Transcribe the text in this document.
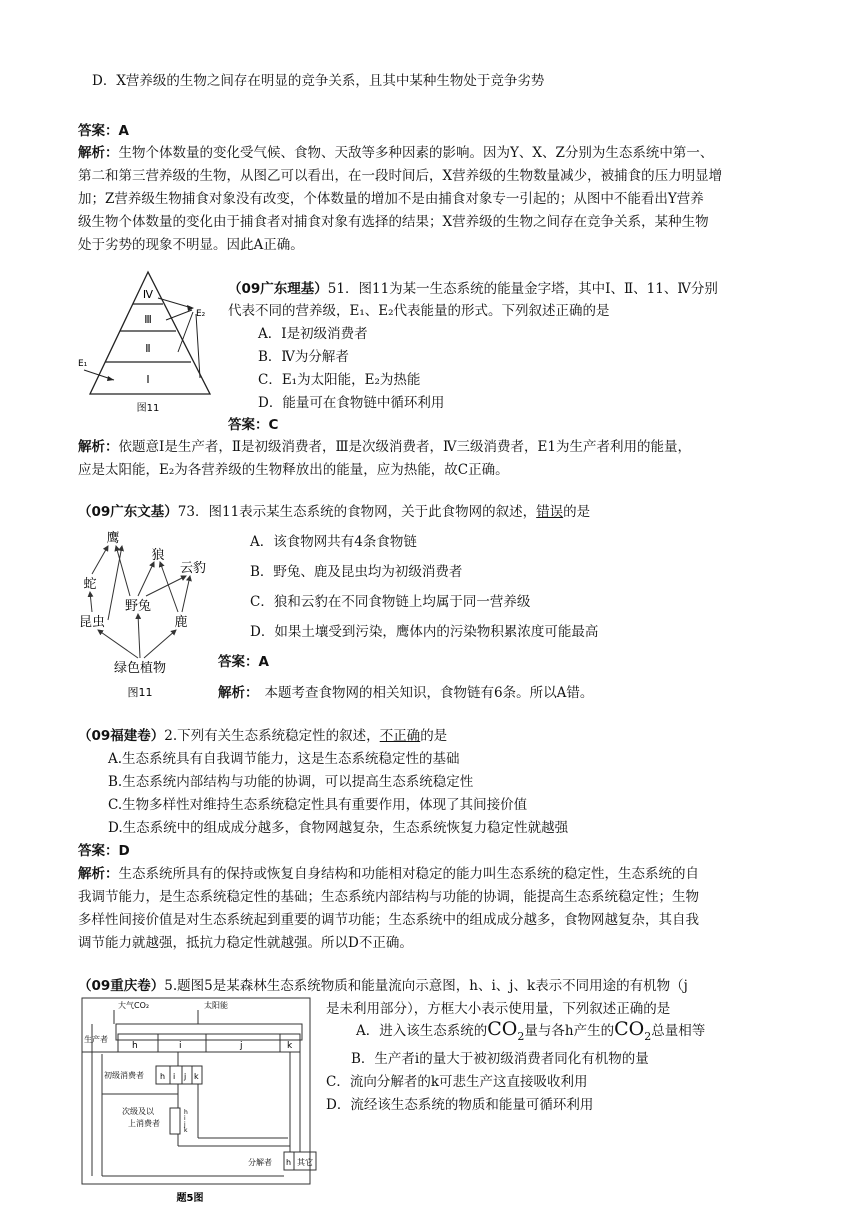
D．X营养级的生物之间存在明显的竞争关系，且其中某种生物处于竞争劣势
答案：A
解析：生物个体数量的变化受气候、食物、天敌等多种因素的影响。因为Y、X、Z分别为生态系统中第一、
第二和第三营养级的生物，从图乙可以看出，在一段时间后，X营养级的生物数量减少，被捕食的压力明显增
加；Z营养级生物捕食对象没有改变，个体数量的增加不是由捕食对象专一引起的；从图中不能看出Y营养
级生物个体数量的变化由于捕食者对捕食对象有选择的结果；X营养级的生物之间存在竞争关系，某种生物
处于劣势的现象不明显。因此A正确。
Ⅳ
Ⅲ
Ⅱ
Ⅰ
E₁
E₂
图11
（09广东理基）51．图11为某一生态系统的能量金字塔，其中Ⅰ、Ⅱ、11、Ⅳ分别
代表不同的营养级，E₁、E₂代表能量的形式。下列叙述正确的是
A．Ⅰ是初级消费者
B．Ⅳ为分解者
C．E₁为太阳能，E₂为热能
D．能量可在食物链中循环利用
答案：C
解析：依题意Ⅰ是生产者，Ⅱ是初级消费者，Ⅲ是次级消费者，Ⅳ三级消费者，E1为生产者利用的能量，
应是太阳能，E₂为各营养级的生物释放出的能量，应为热能，故C正确。
（09广东文基）73．图11表示某生态系统的食物网，关于此食物网的叙述，错误的是
鹰
狼
云豹
蛇
野兔
昆虫	鹿
绿色植物
图11
A．该食物网共有4条食物链
B．野兔、鹿及昆虫均为初级消费者
C．狼和云豹在不同食物链上均属于同一营养级
D．如果土壤受到污染，鹰体内的污染物积累浓度可能最高
答案：A
解析： 本题考查食物网的相关知识，食物链有6条。所以A错。
（09福建卷）2.下列有关生态系统稳定性的叙述，不正确的是
A.生态系统具有自我调节能力，这是生态系统稳定性的基础
B.生态系统内部结构与功能的协调，可以提高生态系统稳定性
C.生物多样性对维持生态系统稳定性具有重要作用，体现了其间接价值
D.生态系统中的组成成分越多，食物网越复杂，生态系统恢复力稳定性就越强
答案：D
解析：生态系统所具有的保持或恢复自身结构和功能相对稳定的能力叫生态系统的稳定性，生态系统的自
我调节能力，是生态系统稳定性的基础；生态系统内部结构与功能的协调，能提高生态系统稳定性；生物
多样性间接价值是对生态系统起到重要的调节功能；生态系统中的组成成分越多，食物网越复杂，其自我
调节能力就越强，抵抗力稳定性就越强。所以D不正确。
（09重庆卷）5.题图5是某森林生态系统物质和能量流向示意图，h、i、j、k表示不同用途的有机物（j
是未利用部分），方框大小表示使用量，下列叙述正确的是
A．进入该生态系统的$CO_2$量与各h产生的$CO_2$总量相等
B．生产者i的量大于被初级消费者同化有机物的量
C．流向分解者的k可悲生产这直接吸收利用
D．流经该生态系统的物质和能量可循环利用
大气CO₂	太阳能
生产者
h	i	j	k
初级消费者 h i j k
次级及以
上消费者
h
i
j
k
分解者 h 其它
题5图
